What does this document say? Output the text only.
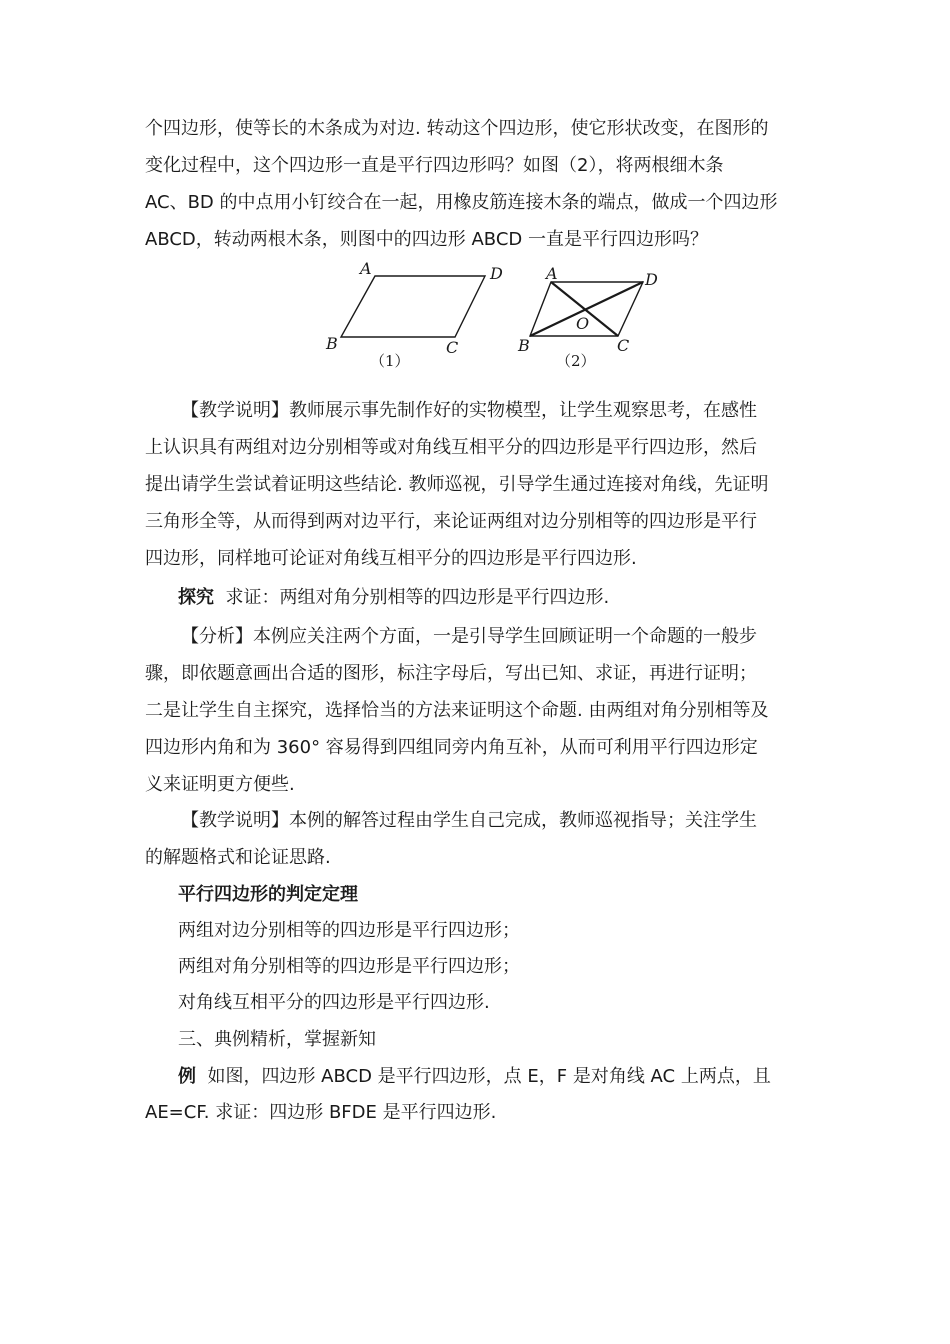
个四边形，使等长的木条成为对边. 转动这个四边形，使它形状改变，在图形的

变化过程中，这个四边形一直是平行四边形吗？如图（2），将两根细木条

AC、BD 的中点用小钉绞合在一起，用橡皮筋连接木条的端点，做成一个四边形

ABCD，转动两根木条，则图中的四边形 ABCD 一直是平行四边形吗？

A	D
B	C
（1）
A	D
B	C
O
（2）

【教学说明】教师展示事先制作好的实物模型，让学生观察思考，在感性

上认识具有两组对边分别相等或对角线互相平分的四边形是平行四边形，然后

提出请学生尝试着证明这些结论. 教师巡视，引导学生通过连接对角线，先证明

三角形全等，从而得到两对边平行，来论证两组对边分别相等的四边形是平行

四边形，同样地可论证对角线互相平分的四边形是平行四边形.

探究 求证：两组对角分别相等的四边形是平行四边形.

【分析】本例应关注两个方面，一是引导学生回顾证明一个命题的一般步

骤，即依题意画出合适的图形，标注字母后，写出已知、求证，再进行证明；

二是让学生自主探究，选择恰当的方法来证明这个命题. 由两组对角分别相等及

四边形内角和为 360° 容易得到四组同旁内角互补，从而可利用平行四边形定

义来证明更方便些.

【教学说明】本例的解答过程由学生自己完成，教师巡视指导；关注学生

的解题格式和论证思路.

平行四边形的判定定理

两组对边分别相等的四边形是平行四边形；

两组对角分别相等的四边形是平行四边形；

对角线互相平分的四边形是平行四边形.

三、典例精析，掌握新知

例 如图，四边形 ABCD 是平行四边形，点 E，F 是对角线 AC 上两点，且

AE=CF. 求证：四边形 BFDE 是平行四边形.
